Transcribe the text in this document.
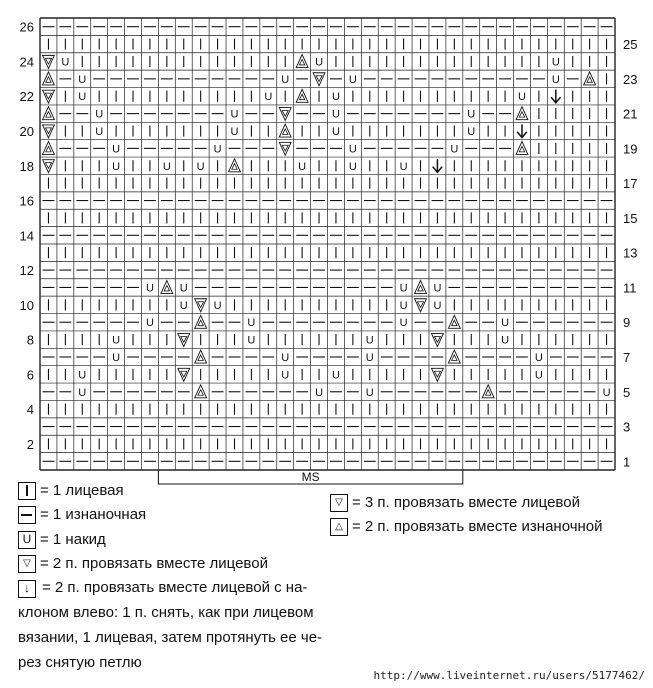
U	U	U
U	U	U	U
U	U	U	U
U	U	U	U
U	U	U	U
U	U	U	U
U	U U	U	U	U
U U	U U
U U	U U
U	U	U	U
U	U	U	U
U	U	U	U
U	U	U	U
U	U	U	U
26
24
22
20
18
16
14
12
10
8
6
4
2
25
23
21
19
17
15
13
11
9
7
5
3
1
MS
= 1 лицевая
= 1 изнаночная
U = 1 накид
▽ = 2 п. провязать вместе лицевой
↓ = 2 п. провязать вместе лицевой с на-
клоном влево: 1 п. снять, как при лицевом
вязании, 1 лицевая, затем протянуть ее че-
рез снятую петлю
▽ = 3 п. провязать вместе лицевой
△ = 2 п. провязать вместе изнаночной
http://www.liveinternet.ru/users/5177462/
